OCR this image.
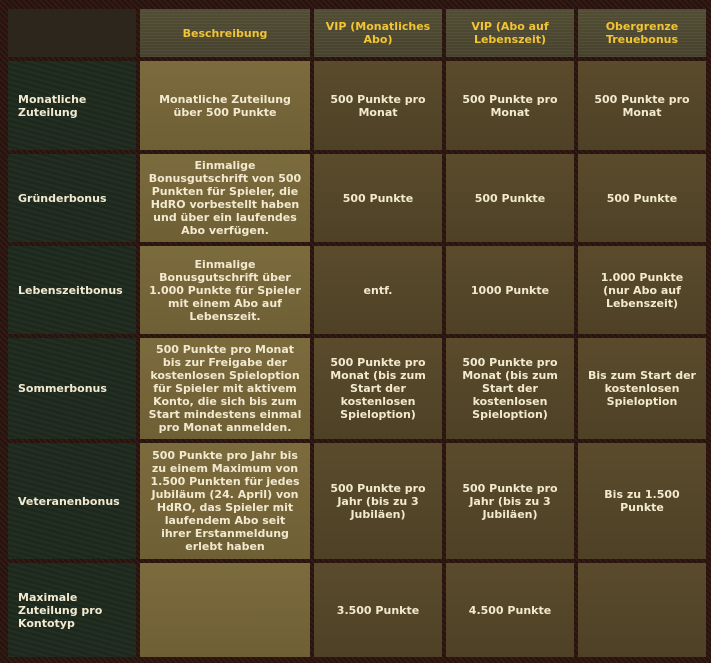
	Beschreibung	VIP (Monatliches Abo)	VIP (Abo auf Lebenszeit)	Obergrenze Treuebonus
Monatliche Zuteilung	Monatliche Zuteilung über 500 Punkte	500 Punkte pro Monat	500 Punkte pro Monat	500 Punkte pro Monat
Gründerbonus	Einmalige Bonusgutschrift von 500 Punkten für Spieler, die HdRO vorbestellt haben und über ein laufendes Abo verfügen.	500 Punkte	500 Punkte	500 Punkte
Lebenszeitbonus	Einmalige Bonusgutschrift über 1.000 Punkte für Spieler mit einem Abo auf Lebenszeit.	entf.	1000 Punkte	1.000 Punkte (nur Abo auf Lebenszeit)
Sommerbonus	500 Punkte pro Monat bis zur Freigabe der kostenlosen Spieloption für Spieler mit aktivem Konto, die sich bis zum Start mindestens einmal pro Monat anmelden.	500 Punkte pro Monat (bis zum Start der kostenlosen Spieloption)	500 Punkte pro Monat (bis zum Start der kostenlosen Spieloption)	Bis zum Start der kostenlosen Spieloption
Veteranenbonus	500 Punkte pro Jahr bis zu einem Maximum von 1.500 Punkten für jedes Jubiläum (24. April) von HdRO, das Spieler mit laufendem Abo seit ihrer Erstanmeldung erlebt haben	500 Punkte pro Jahr (bis zu 3 Jubiläen)	500 Punkte pro Jahr (bis zu 3 Jubiläen)	Bis zu 1.500 Punkte
Maximale Zuteilung pro Kontotyp		3.500 Punkte	4.500 Punkte	
